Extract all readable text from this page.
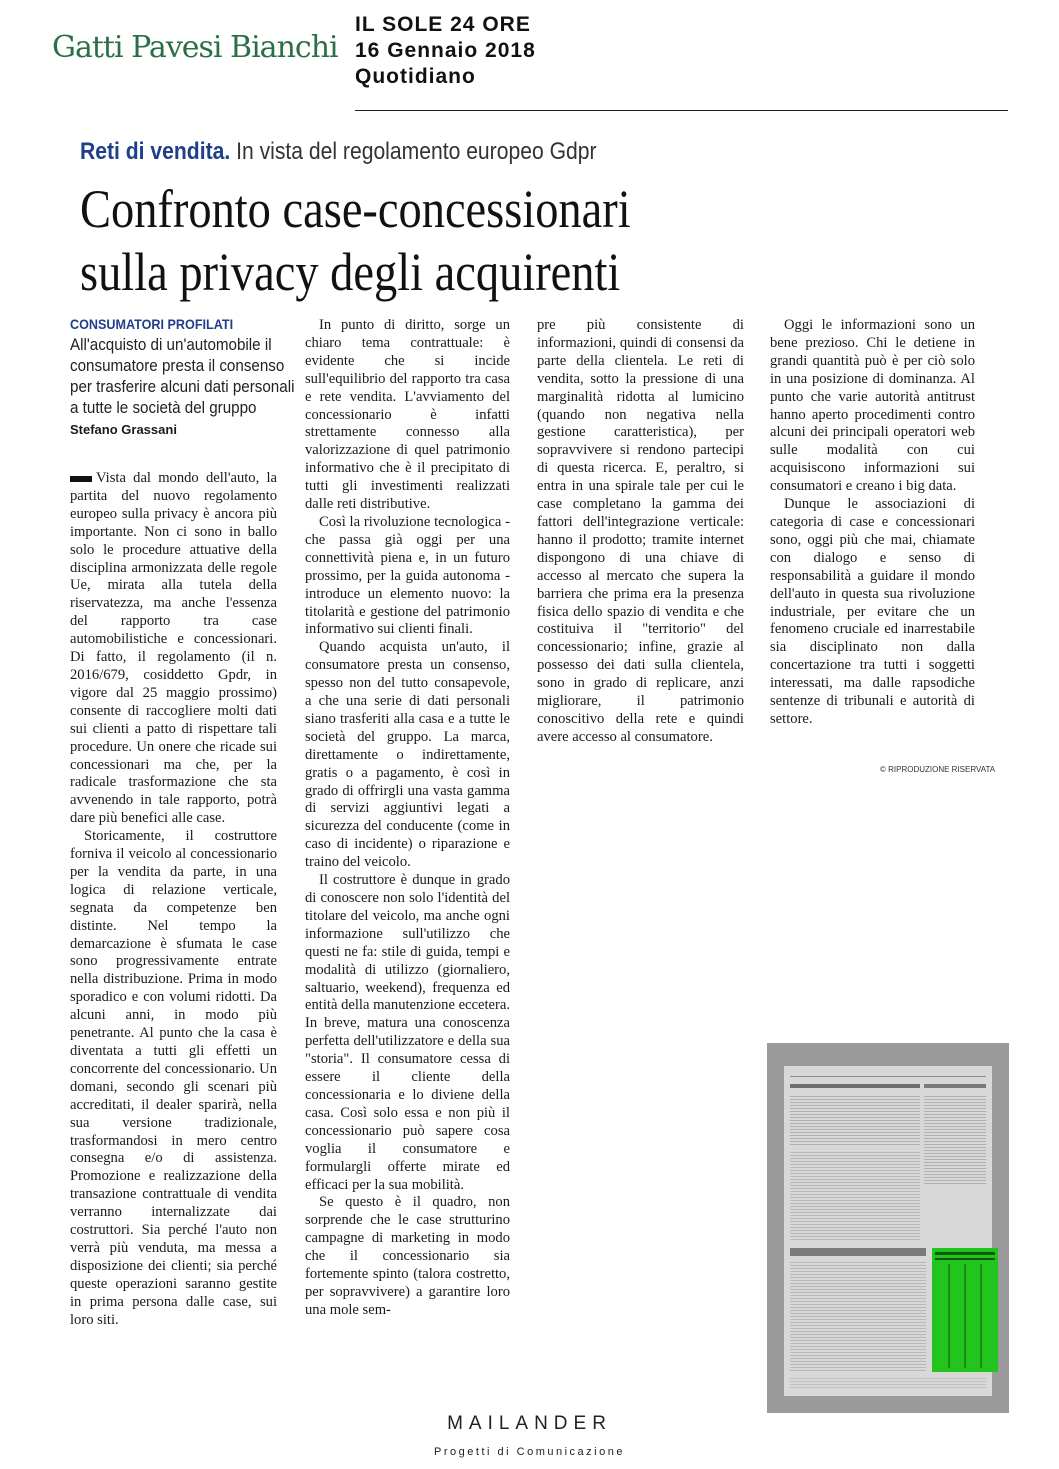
Gatti Pavesi Bianchi
IL SOLE 24 ORE
16 Gennaio 2018
Quotidiano
Reti di vendita. In vista del regolamento europeo Gdpr
Confronto case-concessionari
sulla privacy degli acquirenti
CONSUMATORI PROFILATI
All'acquisto di un'automobile il consumatore presta il consenso per trasferire alcuni dati personali a tutte le società del gruppo
Stefano Grassani

Vista dal mondo dell'auto, la partita del nuovo regolamento europeo sulla privacy è ancora più importante. Non ci sono in ballo solo le procedure attuative della disciplina armonizzata delle regole Ue, mirata alla tutela della riservatezza, ma anche l'essenza del rapporto tra case automobilistiche e concessionari. Di fatto, il regolamento (il n. 2016/679, cosiddetto Gpdr, in vigore dal 25 maggio prossimo) consente di raccogliere molti dati sui clienti a patto di rispettare tali procedure. Un onere che ricade sui concessionari ma che, per la radicale trasformazione che sta avvenendo in tale rapporto, potrà dare più benefici alle case.

Storicamente, il costruttore forniva il veicolo al concessionario per la vendita da parte, in una logica di relazione verticale, segnata da competenze ben distinte. Nel tempo la demarcazione è sfumata le case sono progressivamente entrate nella distribuzione. Prima in modo sporadico e con volumi ridotti. Da alcuni anni, in modo più penetrante. Al punto che la casa è diventata a tutti gli effetti un concorrente del concessionario. Un domani, secondo gli scenari più accreditati, il dealer sparirà, nella sua versione tradizionale, trasformandosi in mero centro consegna e/o di assistenza. Promozione e realizzazione della transazione contrattuale di vendita verranno internalizzate dai costruttori. Sia perché l'auto non verrà più venduta, ma messa a disposizione dei clienti; sia perché queste operazioni saranno gestite in prima persona dalle case, sui loro siti.

In punto di diritto, sorge un chiaro tema contrattuale: è evidente che si incide sull'equilibrio del rapporto tra casa e rete vendita. L'avviamento del concessionario è infatti strettamente connesso alla valorizzazione di quel patrimonio informativo che è il precipitato di tutti gli investimenti realizzati dalle reti distributive.

Così la rivoluzione tecnologica - che passa già oggi per una connettività piena e, in un futuro prossimo, per la guida autonoma - introduce un elemento nuovo: la titolarità e gestione del patrimonio informativo sui clienti finali.

Quando acquista un'auto, il consumatore presta un consenso, spesso non del tutto consapevole, a che una serie di dati personali siano trasferiti alla casa e a tutte le società del gruppo. La marca, direttamente o indirettamente, gratis o a pagamento, è così in grado di offrirgli una vasta gamma di servizi aggiuntivi legati a sicurezza del conducente (come in caso di incidente) o riparazione e traino del veicolo.

Il costruttore è dunque in grado di conoscere non solo l'identità del titolare del veicolo, ma anche ogni informazione sull'utilizzo che questi ne fa: stile di guida, tempi e modalità di utilizzo (giornaliero, saltuario, weekend), frequenza ed entità della manutenzione eccetera. In breve, matura una conoscenza perfetta dell'utilizzatore e della sua "storia". Il consumatore cessa di essere il cliente della concessionaria e lo diviene della casa. Così solo essa e non più il concessionario può sapere cosa voglia il consumatore e formulargli offerte mirate ed efficaci per la sua mobilità.

Se questo è il quadro, non sorprende che le case strutturino campagne di marketing in modo che il concessionario sia fortemente spinto (talora costretto, per sopravvivere) a garantire loro una mole sem-

pre più consistente di informazioni, quindi di consensi da parte della clientela. Le reti di vendita, sotto la pressione di una marginalità ridotta al lumicino (quando non negativa nella gestione caratteristica), per sopravvivere si rendono partecipi di questa ricerca. E, peraltro, si entra in una spirale tale per cui le case completano la gamma dei fattori dell'integrazione verticale: hanno il prodotto; tramite internet dispongono di una chiave di accesso al mercato che supera la barriera che prima era la presenza fisica dello spazio di vendita e che costituiva il "territorio" del concessionario; infine, grazie al possesso dei dati sulla clientela, sono in grado di replicare, anzi migliorare, il patrimonio conoscitivo della rete e quindi avere accesso al consumatore.

Oggi le informazioni sono un bene prezioso. Chi le detiene in grandi quantità può è per ciò solo in una posizione di dominanza. Al punto che varie autorità antitrust hanno aperto procedimenti contro alcuni dei principali operatori web sulle modalità con cui acquisiscono informazioni sui consumatori e creano i big data.

Dunque le associazioni di categoria di case e concessionari sono, oggi più che mai, chiamate con dialogo e senso di responsabilità a guidare il mondo dell'auto in questa sua rivoluzione industriale, per evitare che un fenomeno cruciale ed inarrestabile sia disciplinato non dalla concertazione tra tutti i soggetti interessati, ma dalle rapsodiche sentenze di tribunali e autorità di settore.

© RIPRODUZIONE RISERVATA
MAILANDER
Progetti di Comunicazione
